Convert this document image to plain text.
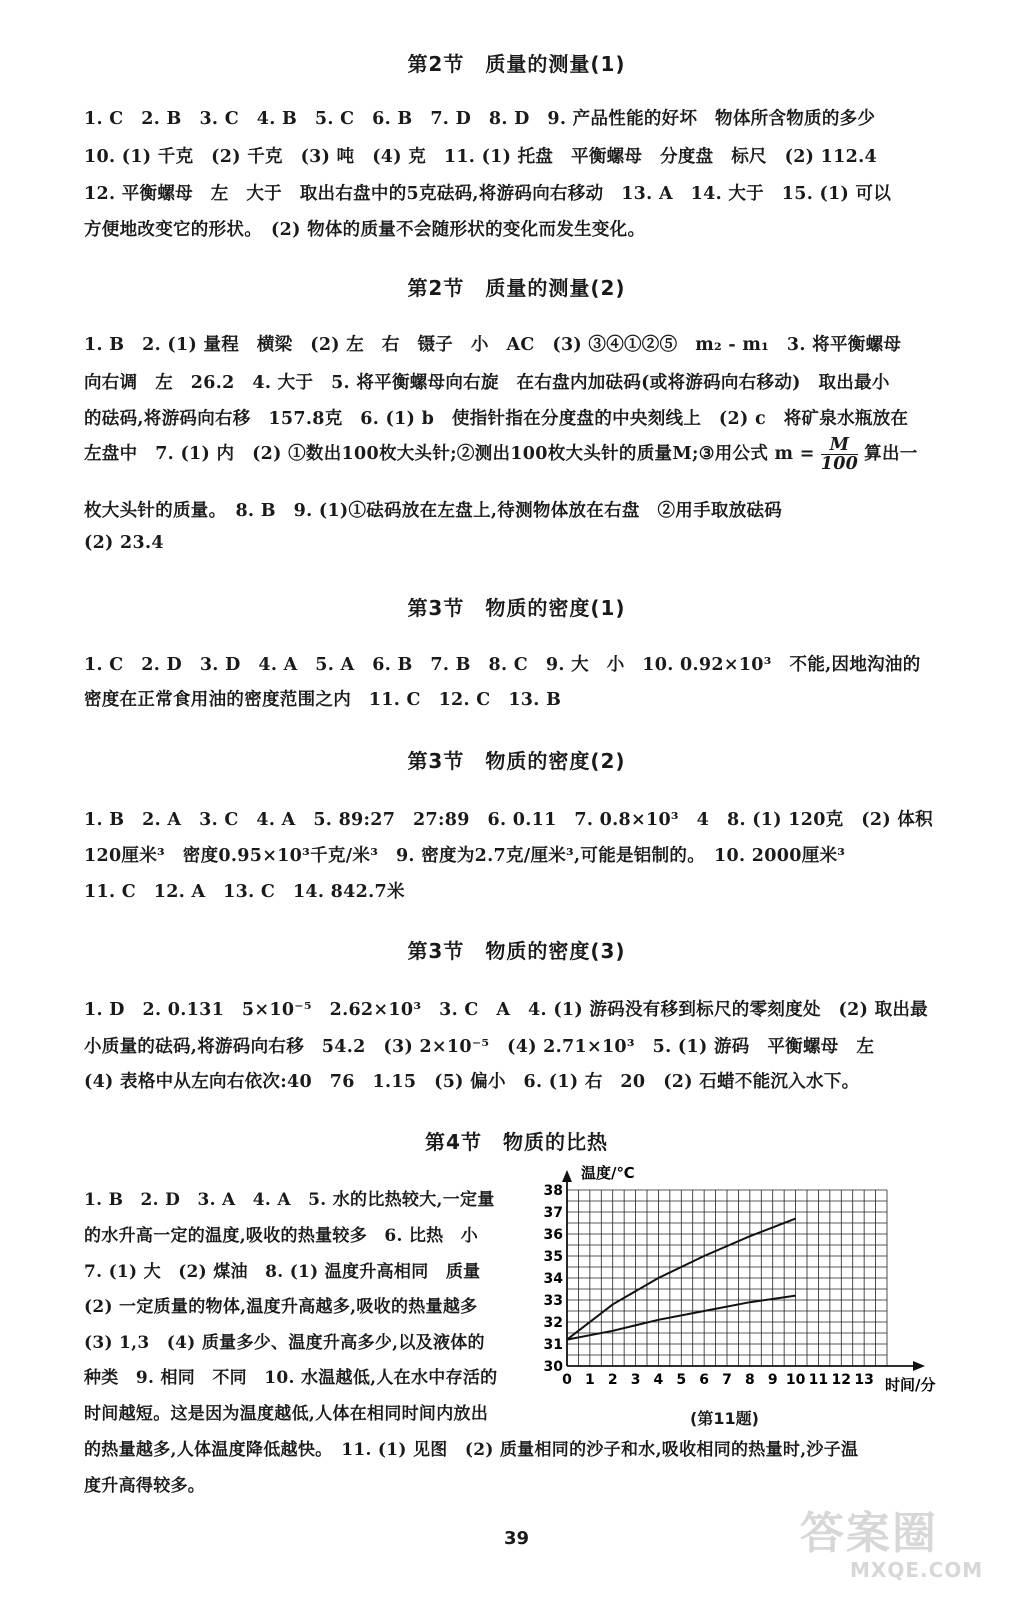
第2节　质量的测量(1)

1. C　2. B　3. C　4. B　5. C　6. B　7. D　8. D　9. 产品性能的好坏　物体所含物质的多少

10. (1) 千克　(2) 千克　(3) 吨　(4) 克　11. (1) 托盘　平衡螺母　分度盘　标尺　(2) 112.4

12. 平衡螺母　左　大于　取出右盘中的5克砝码,将游码向右移动　13. A　14. 大于　15. (1) 可以

方便地改变它的形状。　(2) 物体的质量不会随形状的变化而发生变化。

第2节　质量的测量(2)

1. B　2. (1) 量程　横梁　(2) 左　右　镊子　小　AC　(3) ③④①②⑤　m₂ - m₁　3. 将平衡螺母

向右调　左　26.2　4. 大于　5. 将平衡螺母向右旋　在右盘内加砝码(或将游码向右移动)　取出最小

的砝码,将游码向右移　157.8克　6. (1) b　使指针指在分度盘的中央刻线上　(2) c　将矿泉水瓶放在

左盘中　7. (1) 内　(2) ①数出100枚大头针;②测出100枚大头针的质量M;③用公式 $m = \frac{M}{100}$ 算出一

枚大头针的质量。　8. B　9. (1)①砝码放在左盘上,待测物体放在右盘　②用手取放砝码

(2) 23.4

第3节　物质的密度(1)

1. C　2. D　3. D　4. A　5. A　6. B　7. B　8. C　9. 大　小　10. 0.92×10³　不能,因地沟油的

密度在正常食用油的密度范围之内　11. C　12. C　13. B

第3节　物质的密度(2)

1. B　2. A　3. C　4. A　5. 89:27　27:89　6. 0.11　7. 0.8×10³　4　8. (1) 120克　(2) 体积

120厘米³　密度0.95×10³千克/米³　9. 密度为2.7克/厘米³,可能是铝制的。　10. 2000厘米³

11. C　12. A　13. C　14. 842.7米

第3节　物质的密度(3)

1. D　2. 0.131　5×10⁻⁵　2.62×10³　3. C　A　4. (1) 游码没有移到标尺的零刻度处　(2) 取出最

小质量的砝码,将游码向右移　54.2　(3) 2×10⁻⁵　(4) 2.71×10³　5. (1) 游码　平衡螺母　左

(4) 表格中从左向右依次:40　76　1.15　(5) 偏小　6. (1) 右　20　(2) 石蜡不能沉入水下。

第4节　物质的比热

1. B　2. D　3. A　4. A　5. 水的比热较大,一定量

的水升高一定的温度,吸收的热量较多　6. 比热　小

7. (1) 大　(2) 煤油　8. (1) 温度升高相同　质量

(2) 一定质量的物体,温度升高越多,吸收的热量越多

(3) 1,3　(4) 质量多少、温度升高多少,以及液体的

种类　9. 相同　不同　10. 水温越低,人在水中存活的

时间越短。这是因为温度越低,人体在相同时间内放出

的热量越多,人体温度降低越快。　11. (1) 见图　(2) 质量相同的沙子和水,吸收相同的热量时,沙子温

度升高得较多。

0 1 2 3 4 5 6 7 8 9 10 11 12 13
30
31
32
33
34
35
36
37
38
温度/℃
时间/分
(第11题)
39	答案圈
MXQE.COM
